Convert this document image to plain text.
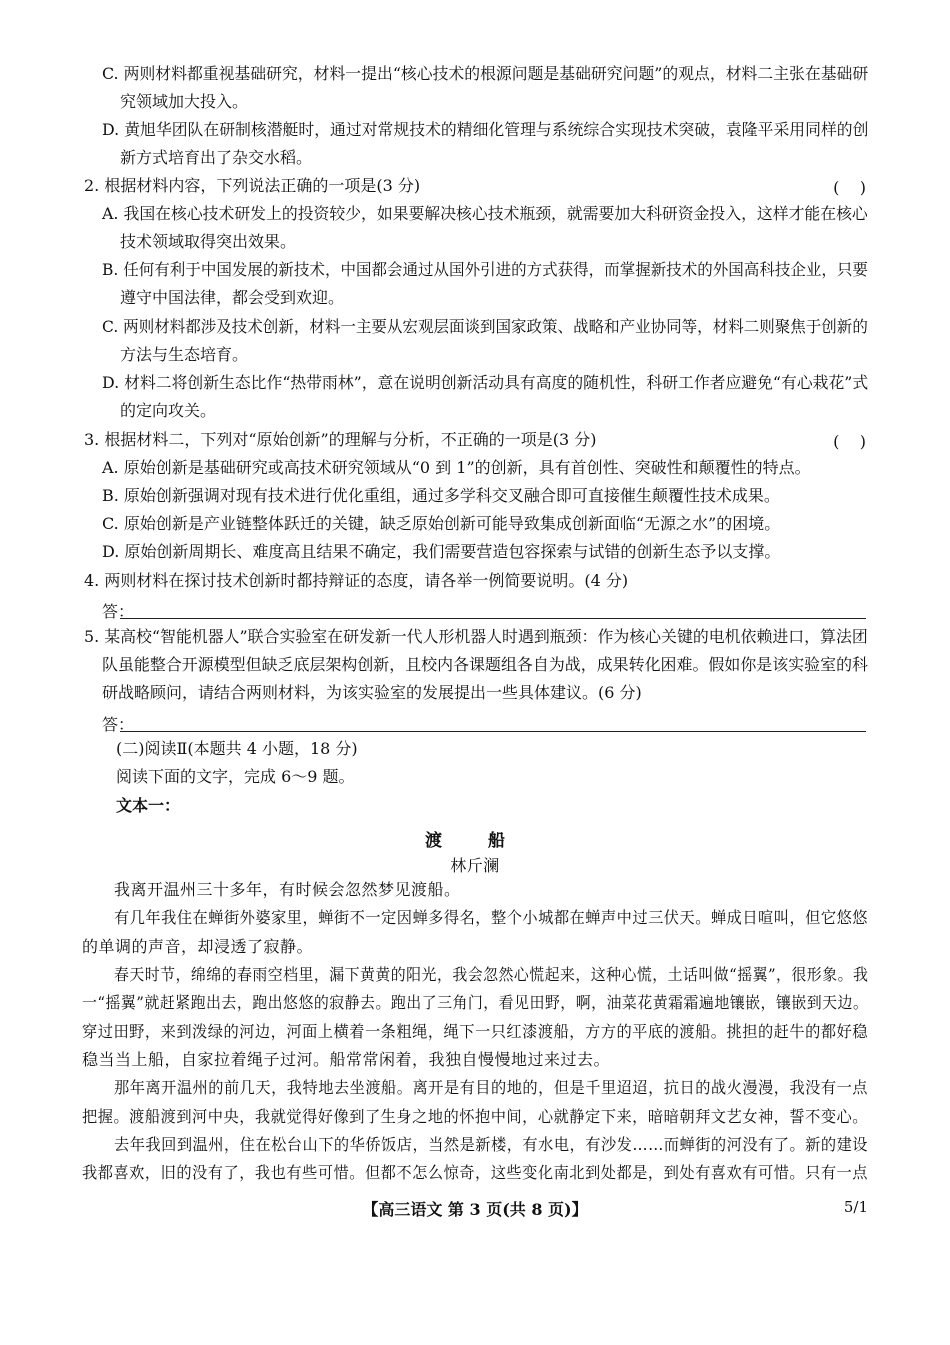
C. 两则材料都重视基础研究，材料一提出“核心技术的根源问题是基础研究问题”的观点，材料二主张在基础研
究领域加大投入。
D. 黄旭华团队在研制核潜艇时，通过对常规技术的精细化管理与系统综合实现技术突破，袁隆平采用同样的创
新方式培育出了杂交水稻。
2. 根据材料内容，下列说法正确的一项是(3 分)	(    )
A. 我国在核心技术研发上的投资较少，如果要解决核心技术瓶颈，就需要加大科研资金投入，这样才能在核心
技术领域取得突出效果。
B. 任何有利于中国发展的新技术，中国都会通过从国外引进的方式获得，而掌握新技术的外国高科技企业，只要
遵守中国法律，都会受到欢迎。
C. 两则材料都涉及技术创新，材料一主要从宏观层面谈到国家政策、战略和产业协同等，材料二则聚焦于创新的
方法与生态培育。
D. 材料二将创新生态比作“热带雨林”，意在说明创新活动具有高度的随机性，科研工作者应避免“有心栽花”式
的定向攻关。
3. 根据材料二，下列对“原始创新”的理解与分析，不正确的一项是(3 分)	(    )
A. 原始创新是基础研究或高技术研究领域从“0 到 1”的创新，具有首创性、突破性和颠覆性的特点。
B. 原始创新强调对现有技术进行优化重组，通过多学科交叉融合即可直接催生颠覆性技术成果。
C. 原始创新是产业链整体跃迁的关键，缺乏原始创新可能导致集成创新面临“无源之水”的困境。
D. 原始创新周期长、难度高且结果不确定，我们需要营造包容探索与试错的创新生态予以支撑。
4. 两则材料在探讨技术创新时都持辩证的态度，请各举一例简要说明。(4 分)
答：
5. 某高校“智能机器人”联合实验室在研发新一代人形机器人时遇到瓶颈：作为核心关键的电机依赖进口，算法团
队虽能整合开源模型但缺乏底层架构创新，且校内各课题组各自为战，成果转化困难。假如你是该实验室的科
研战略顾问，请结合两则材料，为该实验室的发展提出一些具体建议。(6 分)
答：
(二)阅读Ⅱ(本题共 4 小题，18 分)
阅读下面的文字，完成 6～9 题。
文本一：
渡 船
林斤澜
我离开温州三十多年，有时候会忽然梦见渡船。
有几年我住在蝉街外婆家里，蝉街不一定因蝉多得名，整个小城都在蝉声中过三伏天。蝉成日喧叫，但它悠悠
的单调的声音，却浸透了寂静。
春天时节，绵绵的春雨空档里，漏下黄黄的阳光，我会忽然心慌起来，这种心慌，土话叫做“摇翼”，很形象。我
一“摇翼”就赶紧跑出去，跑出悠悠的寂静去。跑出了三角门，看见田野，啊，油菜花黄霜霜遍地镶嵌，镶嵌到天边。
穿过田野，来到泼绿的河边，河面上横着一条粗绳，绳下一只红漆渡船，方方的平底的渡船。挑担的赶牛的都好稳
稳当当上船，自家拉着绳子过河。船常常闲着，我独自慢慢地过来过去。
那年离开温州的前几天，我特地去坐渡船。离开是有目的地的，但是千里迢迢，抗日的战火漫漫，我没有一点
把握。渡船渡到河中央，我就觉得好像到了生身之地的怀抱中间，心就静定下来，暗暗朝拜文艺女神，誓不变心。
去年我回到温州，住在松台山下的华侨饭店，当然是新楼，有水电，有沙发……而蝉街的河没有了。新的建设
我都喜欢，旧的没有了，我也有些可惜。但都不怎么惊奇，这些变化南北到处都是，到处有喜欢有可惜。只有一点
【高三语文 第 3 页(共 8 页)】	5/1
